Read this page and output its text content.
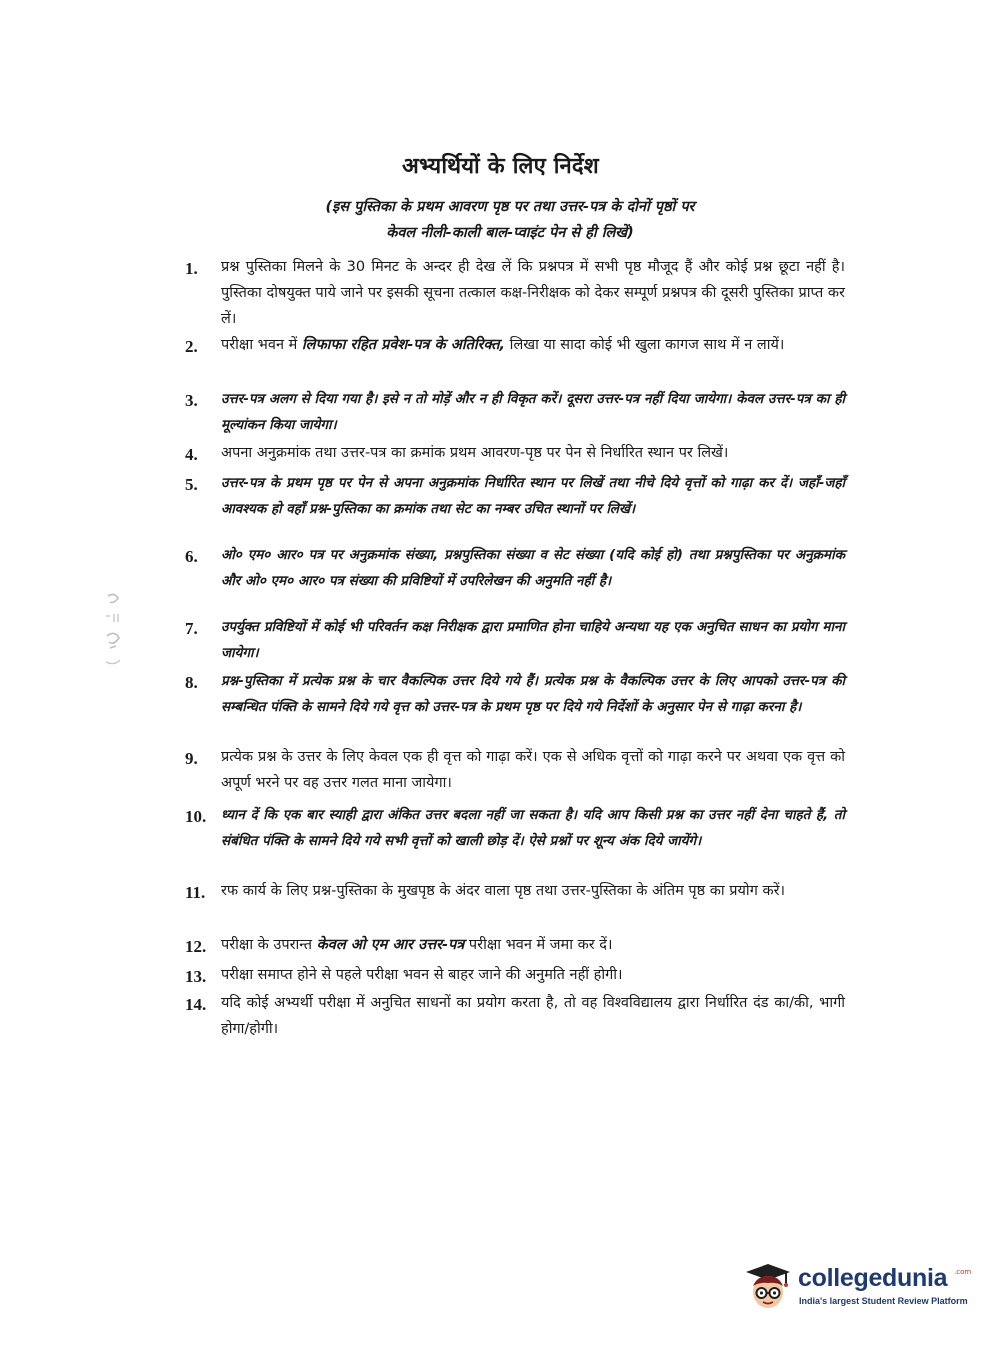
अभ्यर्थियों के लिए निर्देश
(इस पुस्तिका के प्रथम आवरण पृष्ठ पर तथा उत्तर-पत्र के दोनों पृष्ठों पर
केवल नीली-काली बाल-प्वाइंट पेन से ही लिखें)
1.	प्रश्न पुस्तिका मिलने के 30 मिनट के अन्दर ही देख लें कि प्रश्नपत्र में सभी पृष्ठ मौजूद हैं और कोई प्रश्न छूटा नहीं है। पुस्तिका दोषयुक्त पाये जाने पर इसकी सूचना तत्काल कक्ष-निरीक्षक को देकर सम्पूर्ण प्रश्नपत्र की दूसरी पुस्तिका प्राप्त कर लें।
2.	परीक्षा भवन में लिफाफा रहित प्रवेश-पत्र के अतिरिक्त, लिखा या सादा कोई भी खुला कागज साथ में न लायें।
3.	उत्तर-पत्र अलग से दिया गया है। इसे न तो मोड़ें और न ही विकृत करें। दूसरा उत्तर-पत्र नहीं दिया जायेगा। केवल उत्तर-पत्र का ही मूल्यांकन किया जायेगा।
4.	अपना अनुक्रमांक तथा उत्तर-पत्र का क्रमांक प्रथम आवरण-पृष्ठ पर पेन से निर्धारित स्थान पर लिखें।
5.	उत्तर-पत्र के प्रथम पृष्ठ पर पेन से अपना अनुक्रमांक निर्धारित स्थान पर लिखें तथा नीचे दिये वृत्तों को गाढ़ा कर दें। जहाँ-जहाँ आवश्यक हो वहाँ प्रश्न-पुस्तिका का क्रमांक तथा सेट का नम्बर उचित स्थानों पर लिखें।
6.	ओ० एम० आर० पत्र पर अनुक्रमांक संख्या, प्रश्नपुस्तिका संख्या व सेट संख्या (यदि कोई हो) तथा प्रश्नपुस्तिका पर अनुक्रमांक और ओ० एम० आर० पत्र संख्या की प्रविष्टियों में उपरिलेखन की अनुमति नहीं है।
7.	उपर्युक्त प्रविष्टियों में कोई भी परिवर्तन कक्ष निरीक्षक द्वारा प्रमाणित होना चाहिये अन्यथा यह एक अनुचित साधन का प्रयोग माना जायेगा।
8.	प्रश्न-पुस्तिका में प्रत्येक प्रश्न के चार वैकल्पिक उत्तर दिये गये हैं। प्रत्येक प्रश्न के वैकल्पिक उत्तर के लिए आपको उत्तर-पत्र की सम्बन्धित पंक्ति के सामने दिये गये वृत्त को उत्तर-पत्र के प्रथम पृष्ठ पर दिये गये निर्देशों के अनुसार पेन से गाढ़ा करना है।
9.	प्रत्येक प्रश्न के उत्तर के लिए केवल एक ही वृत्त को गाढ़ा करें। एक से अधिक वृत्तों को गाढ़ा करने पर अथवा एक वृत्त को अपूर्ण भरने पर वह उत्तर गलत माना जायेगा।
10.	ध्यान दें कि एक बार स्याही द्वारा अंकित उत्तर बदला नहीं जा सकता है। यदि आप किसी प्रश्न का उत्तर नहीं देना चाहते हैं, तो संबंधित पंक्ति के सामने दिये गये सभी वृत्तों को खाली छोड़ दें। ऐसे प्रश्नों पर शून्य अंक दिये जायेंगे।
11.	रफ कार्य के लिए प्रश्न-पुस्तिका के मुखपृष्ठ के अंदर वाला पृष्ठ तथा उत्तर-पुस्तिका के अंतिम पृष्ठ का प्रयोग करें।
12.	परीक्षा के उपरान्त केवल ओ एम आर उत्तर-पत्र परीक्षा भवन में जमा कर दें।
13.	परीक्षा समाप्त होने से पहले परीक्षा भवन से बाहर जाने की अनुमति नहीं होगी।
14.	यदि कोई अभ्यर्थी परीक्षा में अनुचित साधनों का प्रयोग करता है, तो वह विश्वविद्यालय द्वारा निर्धारित दंड का/की, भागी होगा/होगी।
collegedunia .com
India's largest Student Review Platform
